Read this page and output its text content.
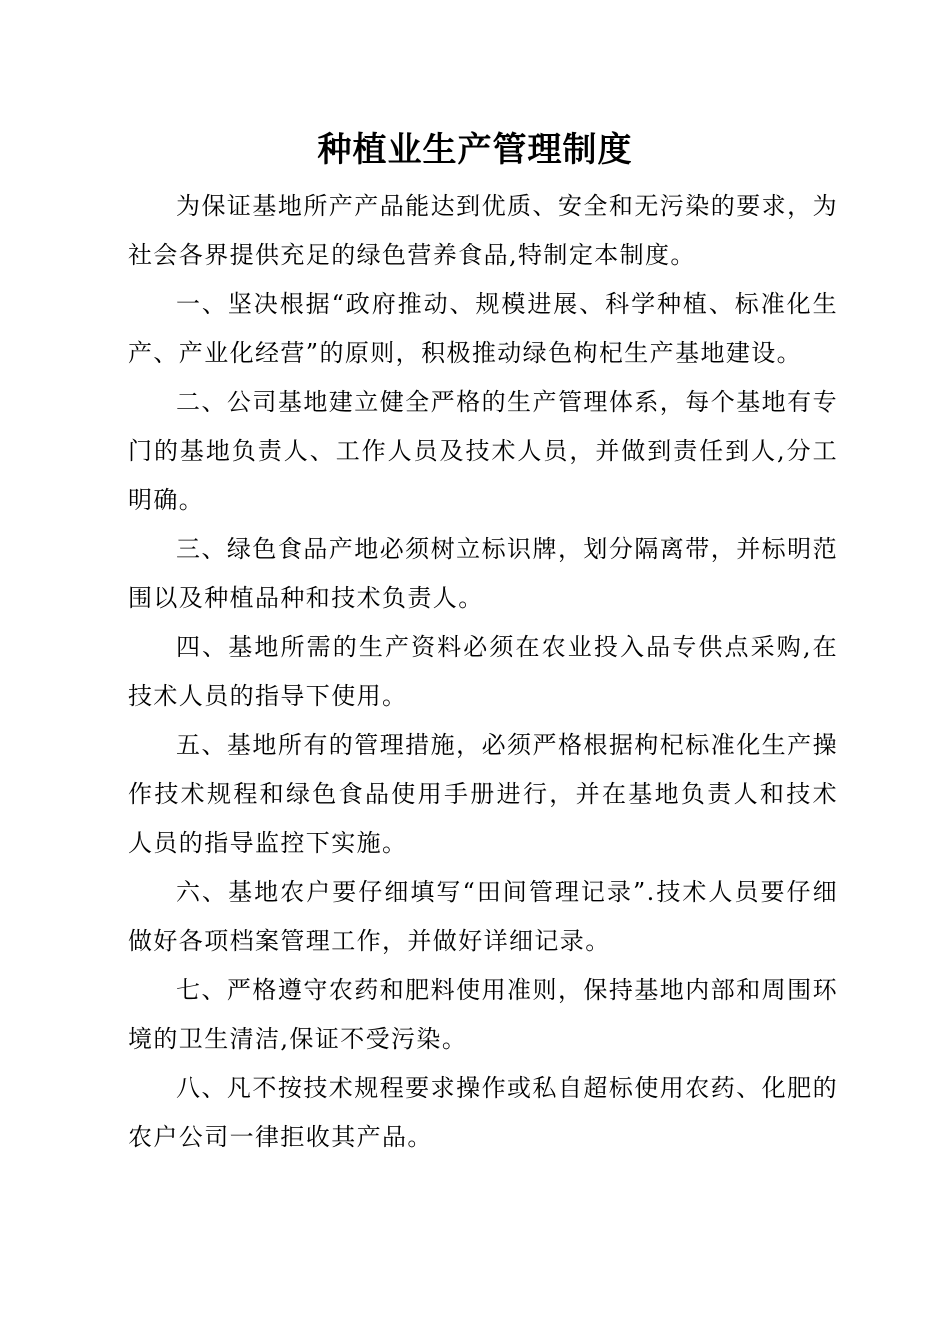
种植业生产管理制度

为保证基地所产产品能达到优质、安全和无污染的要求，为社会各界提供充足的绿色营养食品,特制定本制度。

一、坚决根据“政府推动、规模进展、科学种植、标准化生产、产业化经营”的原则，积极推动绿色枸杞生产基地建设。

二、公司基地建立健全严格的生产管理体系，每个基地有专门的基地负责人、工作人员及技术人员，并做到责任到人,分工明确。

三、绿色食品产地必须树立标识牌，划分隔离带，并标明范围以及种植品种和技术负责人。

四、基地所需的生产资料必须在农业投入品专供点采购,在技术人员的指导下使用。

五、基地所有的管理措施，必须严格根据枸杞标准化生产操作技术规程和绿色食品使用手册进行，并在基地负责人和技术人员的指导监控下实施。

六、基地农户要仔细填写“田间管理记录”.技术人员要仔细做好各项档案管理工作，并做好详细记录。

七、严格遵守农药和肥料使用准则，保持基地内部和周围环境的卫生清洁,保证不受污染。

八、凡不按技术规程要求操作或私自超标使用农药、化肥的农户公司一律拒收其产品。
